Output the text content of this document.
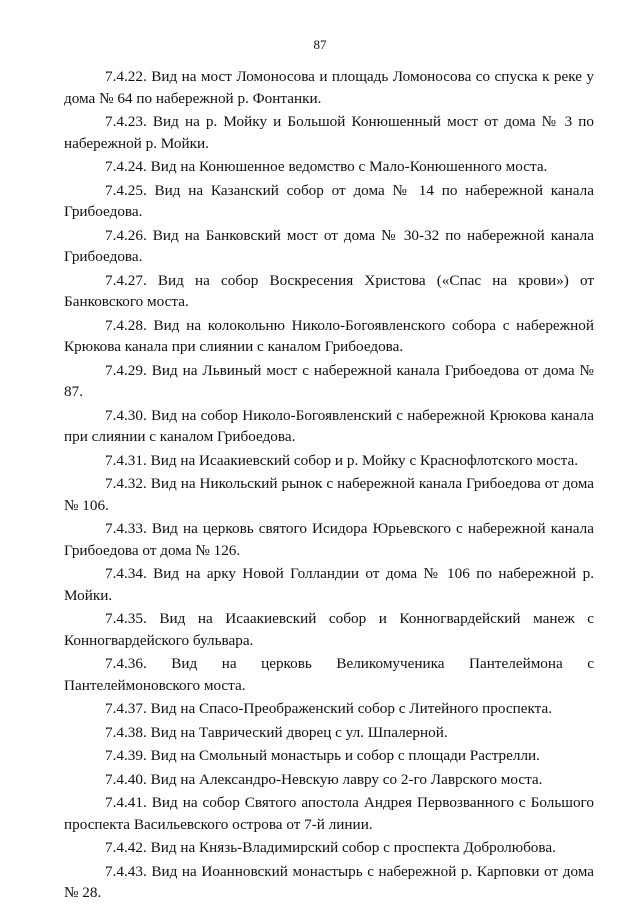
87

7.4.22. Вид на мост Ломоносова и площадь Ломоносова со спуска к реке у дома № 64 по набережной р. Фонтанки.

7.4.23. Вид на р. Мойку и Большой Конюшенный мост от дома № 3 по набережной р. Мойки.

7.4.24. Вид на Конюшенное ведомство с Мало-Конюшенного моста.

7.4.25. Вид на Казанский собор от дома № 14 по набережной канала Грибоедова.

7.4.26. Вид на Банковский мост от дома № 30-32 по набережной канала Грибоедова.

7.4.27. Вид на собор Воскресения Христова («Спас на крови») от Банковского моста.

7.4.28. Вид на колокольню Николо-Богоявленского собора с набережной Крюкова канала при слиянии с каналом Грибоедова.

7.4.29. Вид на Львиный мост с набережной канала Грибоедова от дома № 87.

7.4.30. Вид на собор Николо-Богоявленский с набережной Крюкова канала при слиянии с каналом Грибоедова.

7.4.31. Вид на Исаакиевский собор и р. Мойку с Краснофлотского моста.

7.4.32. Вид на Никольский рынок с набережной канала Грибоедова от дома № 106.

7.4.33. Вид на церковь святого Исидора Юрьевского с набережной канала Грибоедова от дома № 126.

7.4.34. Вид на арку Новой Голландии от дома № 106 по набережной р. Мойки.

7.4.35. Вид на Исаакиевский собор и Конногвардейский манеж с Конногвардейского бульвара.

7.4.36. Вид на церковь Великомученика Пантелеймона с Пантелеймоновского моста.

7.4.37. Вид на Спасо-Преображенский собор с Литейного проспекта.

7.4.38. Вид на Таврический дворец с ул. Шпалерной.

7.4.39. Вид на Смольный монастырь и собор с площади Растрелли.

7.4.40. Вид на Александро-Невскую лавру со 2-го Лаврского моста.

7.4.41. Вид на собор Святого апостола Андрея Первозванного с Большого проспекта Васильевского острова от 7-й линии.

7.4.42. Вид на Князь-Владимирский собор с проспекта Добролюбова.

7.4.43. Вид на Иоанновский монастырь с набережной р. Карповки от дома № 28.
